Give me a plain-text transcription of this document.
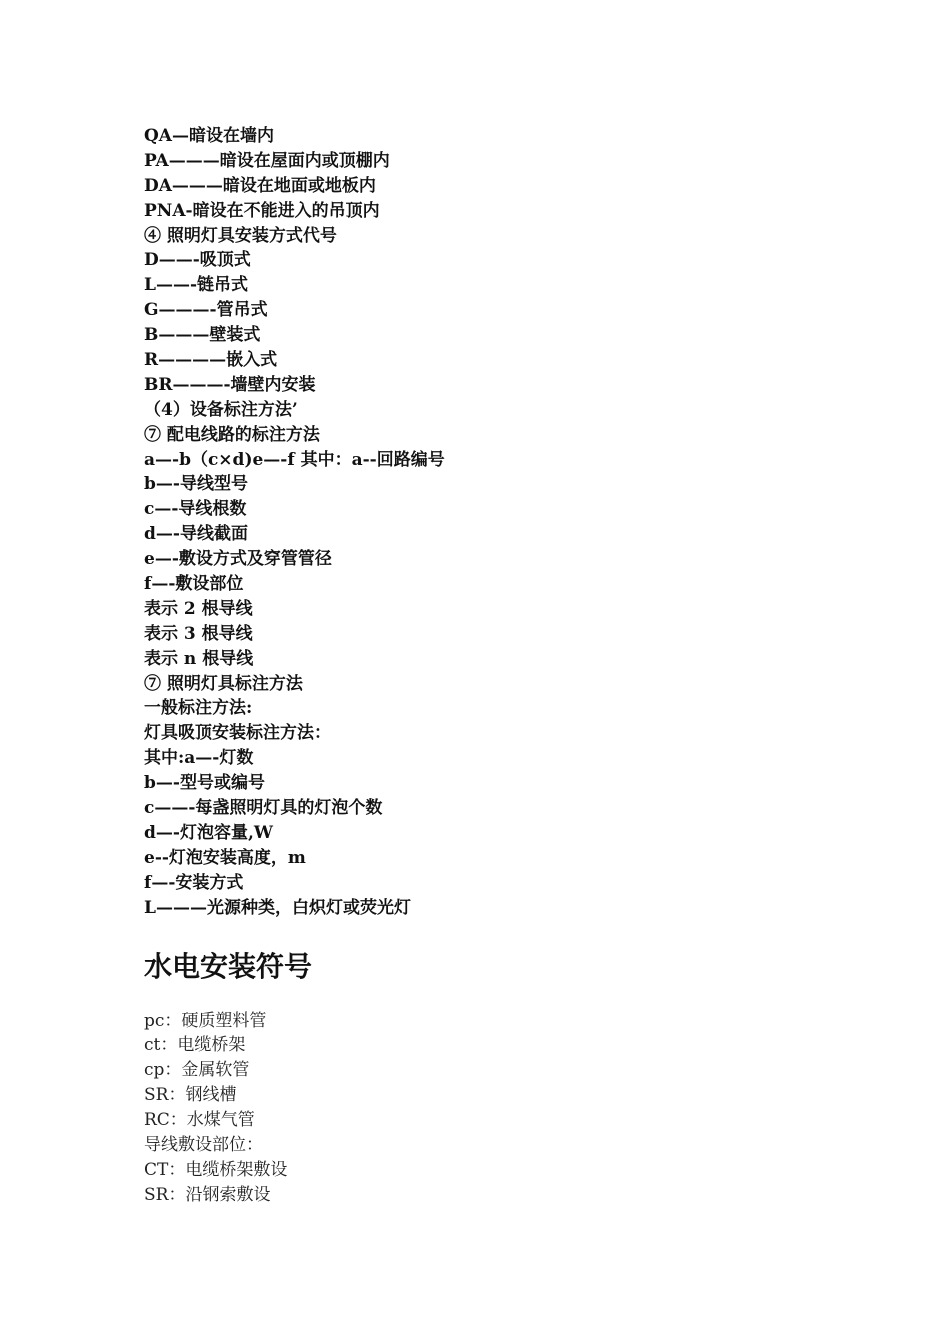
QA—暗设在墙内
PA———暗设在屋面内或顶棚内
DA———暗设在地面或地板内
PNA-暗设在不能进入的吊顶内
④ 照明灯具安装方式代号
D——-吸顶式
L——-链吊式
G———-管吊式
B———壁装式
R————嵌入式
BR———-墙壁内安装
（4）设备标注方法’
⑦ 配电线路的标注方法
a—-b（c×d)e—-f 其中：a--回路编号
b—-导线型号
c—-导线根数
d—-导线截面
e—-敷设方式及穿管管径
f—-敷设部位
表示 2 根导线
表示 3 根导线
表示 n 根导线
⑦ 照明灯具标注方法
一般标注方法:
灯具吸顶安装标注方法：
其中:a—-灯数
b—-型号或编号
c——-每盏照明灯具的灯泡个数
d—-灯泡容量,W
e--灯泡安装高度，m
f—-安装方式
L———光源种类，白炽灯或荧光灯
水电安装符号
pc：硬质塑料管
ct：电缆桥架
cp：金属软管
SR：钢线槽
RC：水煤气管
导线敷设部位：
CT：电缆桥架敷设
SR：沿钢索敷设
